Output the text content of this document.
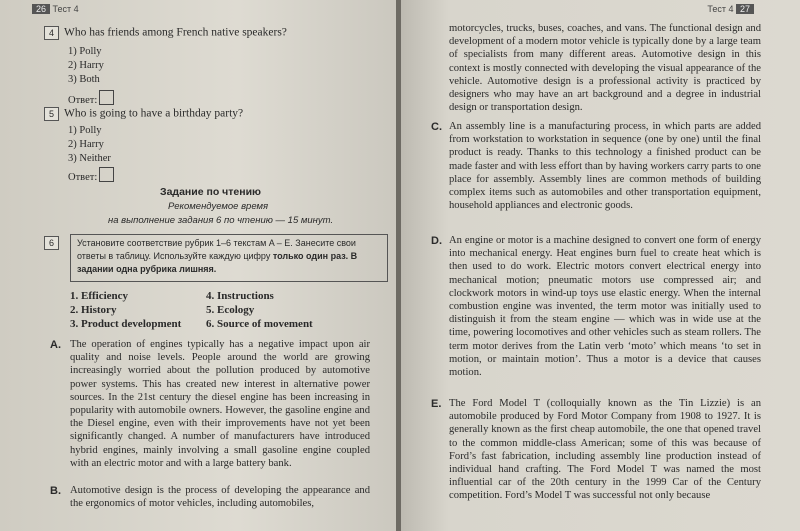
26 Тест 4
4 Who has friends among French native speakers?
1) Polly
2) Harry
3) Both
Ответ:
5 Who is going to have a birthday party?
1) Polly
2) Harry
3) Neither
Ответ:
Задание по чтению
Рекомендуемое время
на выполнение задания 6 по чтению — 15 минут.
6	Установите соответствие рубрик 1–6 текстам A – E. Занесите свои ответы в таблицу. Используйте каждую цифру только один раз. В задании одна рубрика лишняя.
1. Efficiency
2. History
3. Product development
4. Instructions
5. Ecology
6. Source of movement
A. The operation of engines typically has a negative impact upon air quality and noise levels. People around the world are growing increasingly worried about the pollution produced by automotive power systems. This has created new interest in alternative power sources. In the 21st century the diesel engine has been increasing in popularity with automobile owners. However, the gasoline engine and the Diesel engine, even with their improvements have not yet been significantly changed. A number of manufacturers have introduced hybrid engines, mainly involving a small gasoline engine coupled with an electric motor and with a large battery bank.
B. Automotive design is the process of developing the appearance and the ergonomics of motor vehicles, including automobiles,
Тест 4 27
motorcycles, trucks, buses, coaches, and vans. The functional design and development of a modern motor vehicle is typically done by a large team of specialists from many different areas. Automotive design in this context is mostly connected with developing the visual appearance of the vehicle. Automotive design is a professional activity is practiced by designers who may have an art background and a degree in industrial design or transportation design.
C. An assembly line is a manufacturing process, in which parts are added from workstation to workstation in sequence (one by one) until the final product is ready. Thanks to this technology a finished product can be made faster and with less effort than by having workers carry parts to one place for assembly. Assembly lines are common methods of building complex items such as automobiles and other transportation equipment, household appliances and electronic goods.
D. An engine or motor is a machine designed to convert one form of energy into mechanical energy. Heat engines burn fuel to create heat which is then used to do work. Electric motors convert electrical energy into mechanical motion; pneumatic motors use compressed air; and clockwork motors in wind-up toys use elastic energy. When the internal combustion engine was invented, the term motor was initially used to distinguish it from the steam engine — which was in wide use at the time, powering locomotives and other vehicles such as steam rollers. The term motor derives from the Latin verb ‘moto’ which means ‘to set in motion, or maintain motion’. Thus a motor is a device that causes motion.
E. The Ford Model T (colloquially known as the Tin Lizzie) is an automobile produced by Ford Motor Company from 1908 to 1927. It is generally known as the first cheap automobile, the one that opened travel to the common middle-class American; some of this was because of Ford’s fast fabrication, including assembly line production instead of individual hand crafting. The Ford Model T was named the most influential car of the 20th century in the 1999 Car of the Century competition. Ford’s Model T was successful not only because
